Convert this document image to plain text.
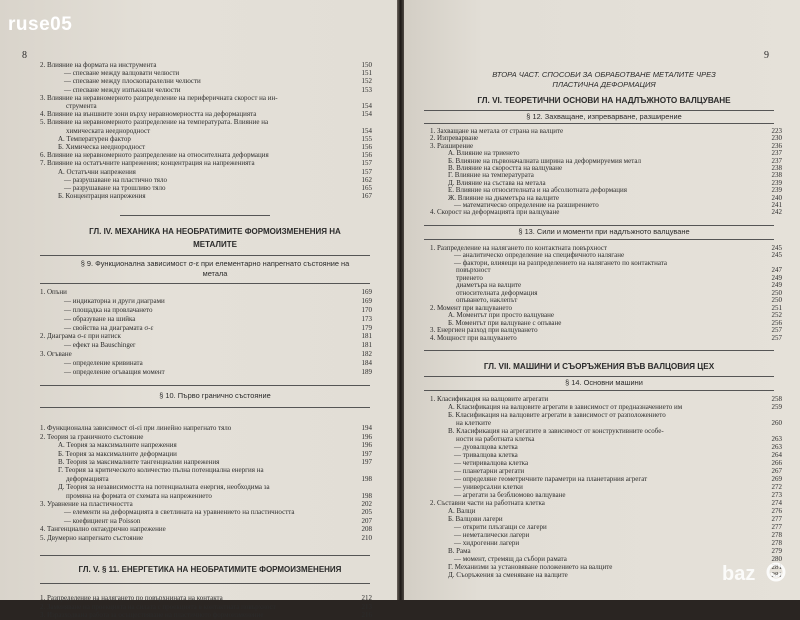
ruse05
8
2. Влияние на формата на инструмента	150
— спесване между валцовати челюсти	151
— спесване между плоскопаралелни челюсти	152
— спесване между изпъкнали челюсти	153
3. Влияние на неравномерното разпределение на периферичната скорост на ин-
струмента	154
4. Влияние на външните зони върху неравномерността на деформацията	154
5. Влияние на неравномерното разпределение на температурата. Влияние на
химическата нееднородност	154
А. Температурен фактор	155
Б. Химическа нееднородност	156
6. Влияние на неравномерното разпределение на относителната деформация	156
7. Влияние на остатъчните напрежения; концентрация на напреженията	157
А. Остатъчни напрежения	157
— разрушаване на пластично тяло	162
— разрушаване на трошливо тяло	165
Б. Концентрация напрежения	167
ГЛ. IV. МЕХАНИКА НА НЕОБРАТИМИТЕ ФОРМОИЗМЕНЕНИЯ НА МЕТАЛИТЕ
§ 9. Функционална зависимост σ-ε при елементарно напрегнато състояние на метала
1. Опъни	169
— индикаторна и други диаграми	169
— площадка на провлачането	170
— образуване на шийка	173
— свойства на диаграмата σ-ε	179
2. Диаграма σ-ε при натиск	181
— ефект на Bauschinger	181
3. Огъване	182
— определение кривината	184
— определение огъващия момент	189
§ 10. Първо гранично състояние
1. Функционална зависимост σi-εi при линейно напрегнато тяло	194
2. Теория за граничното състояние	196
А. Теория за максималните напрежения	196
Б. Теория за максималните деформации	197
В. Теория за максималните тангенциални напрежения	197
Г. Теория за критическото количество пълна потенциална енергия на
деформацията	198
Д. Теория за независимостта на потенциалната енергия, необходима за
промяна на формата от схемата на напрежението	198
3. Уравнение на пластичността	202
— елементи на деформацията в светлината на уравнението на пластичността	205
— коефициент на Poisson	207
4. Тангенциално октаедрично напрежение	208
5. Двумерно напрегнато състояние	210
ГЛ. V. § 11. ЕНЕРГЕТИКА НА НЕОБРАТИМИТЕ ФОРМОИЗМЕНЕНИЯ
1. Разпределение на налягането по повърхнината на контакта	212
2. Заменяване на проекцията на силата с проекцията в контактната повърхност	213
3. Изразходвана работа за осъществяване на пластичното формоизменение	216
9
ВТОРА ЧАСТ. СПОСОБИ ЗА ОБРАБОТВАНЕ МЕТАЛИТЕ ЧРЕЗ ПЛАСТИЧНА ДЕФОРМАЦИЯ
ГЛ. VI. ТЕОРЕТИЧНИ ОСНОВИ НА НАДЛЪЖНОТО ВАЛЦУВАНЕ
§ 12. Захващане, изпреварване, разширение
1. Захващане на метала от страна на валците	223
2. Изпреварване	230
3. Разширение	236
А. Влияние на триенето	237
Б. Влияние на първоначалната ширина на деформируемия метал	237
В. Влияние на скоростта на валцуване	238
Г. Влияние на температурата	238
Д. Влияние на състава на метала	239
Е. Влияние на относителната и на абсолютната деформация	239
Ж. Влияние на диаметъра на валците	240
— математическо определение на разширението	241
4. Скорост на деформацията при валцуване	242
§ 13. Сили и моменти при надлъжното валцуване
1. Разпределение на налягането по контактната повърхност	245
— аналитическо определение на специфичното налягане	245
— фактори, влияещи на разпределението на налягането по контактната
повърхност	247
триенето	249
диаметъра на валците	249
относителната деформация	250
опъването, наклепът	250
2. Момент при валцуването	251
А. Моментът при просто валцуване	252
Б. Моментът при валцуване с опъване	256
3. Енергиен разход при валцуването	257
4. Мощност при валцуването	257
ГЛ. VII. МАШИНИ И СЪОРЪЖЕНИЯ ВЪВ ВАЛЦОВИЯ ЦЕХ
§ 14. Основни машини
1. Класификация на валцовите агрегати	258
А. Класификация на валцовите агрегати в зависимост от предназначението им	259
Б. Класификация на валцовите агрегати в зависимост от разположението
на клетките	260
В. Класификация на агрегатите в зависимост от конструктивните особе-
ности на работната клетка	263
— дуовалцова клетка	263
— тривалцова клетка	264
— четиривалцова клетка	266
— планетарни агрегати	267
— определяне геометричните параметри на планетарния агрегат	269
— универсални клетки	272
— агрегати за безблюмово валцуване	273
2. Съставни части на работната клетка	274
А. Валци	276
Б. Валцови лагери	277
— открити плъзгащи се лагери	277
— неметалически лагери	278
— хидрогенни лагери	278
В. Рама	279
— момент, стремящ да събори рамата	280
Г. Механизми за установяване положението на валците	281
Д. Съоръжения за сменяване на валците	281
baz
